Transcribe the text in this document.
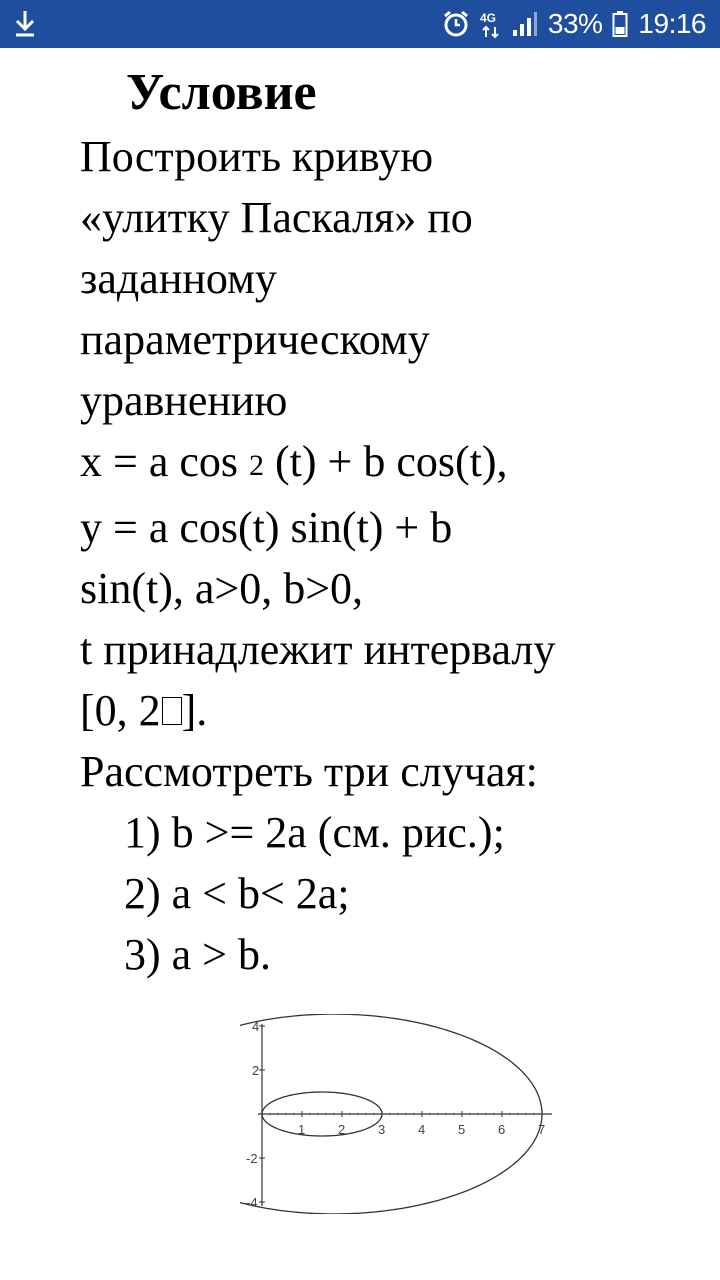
4G 33% 19:16
Условие

Построить кривую

«улитку Паскаля» по

заданному

параметрическому

уравнению

x = a cos 2 (t) + b cos(t),

y = a cos(t) sin(t) + b

sin(t), a>0, b>0,

t принадлежит интервалу

[0, 2 ].

Рассмотреть три случая:

1) b >= 2a (см. рис.);
2) a < b< 2a;
3) a > b.
1	2	3	4	5	6	7
4
2
-2
-4
